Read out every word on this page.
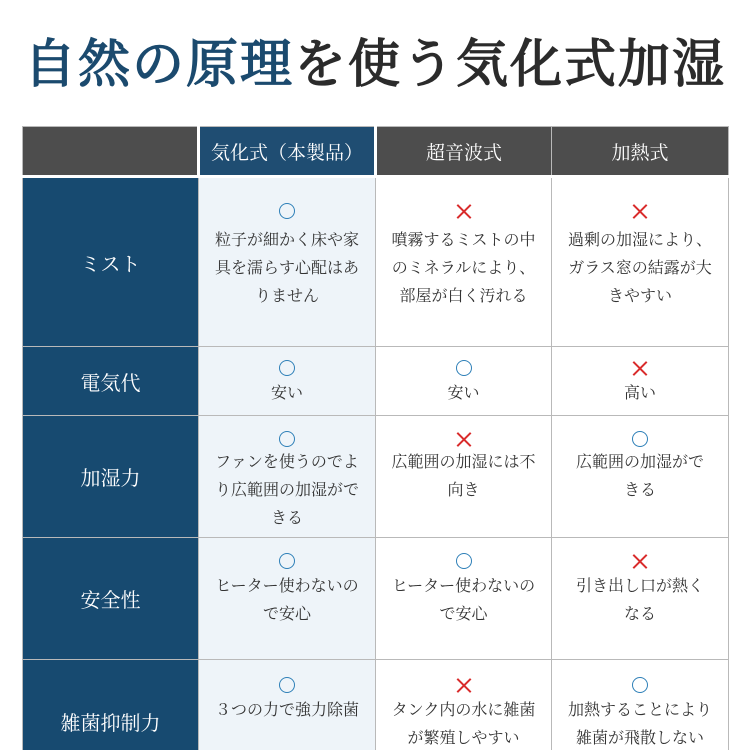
自然の原理を使う気化式加湿
	気化式（本製品）	超音波式	加熱式
ミスト	粒子が細かく床や家
具を濡らす心配はあ
りません	噴霧するミストの中
のミネラルにより、
部屋が白く汚れる	過剰の加湿により、
ガラス窓の結露が大
きやすい

電気代	安い	安い	高い

加湿力	ファンを使うのでよ
り広範囲の加湿がで
きる	広範囲の加湿には不
向き	広範囲の加湿がで
きる

安全性	ヒーター使わないの
で安心	ヒーター使わないの
で安心	引き出し口が熱く
なる

雑菌抑制力	３つの力で強力除菌	タンク内の水に雑菌
が繁殖しやすい	加熱することにより
雑菌が飛散しない
